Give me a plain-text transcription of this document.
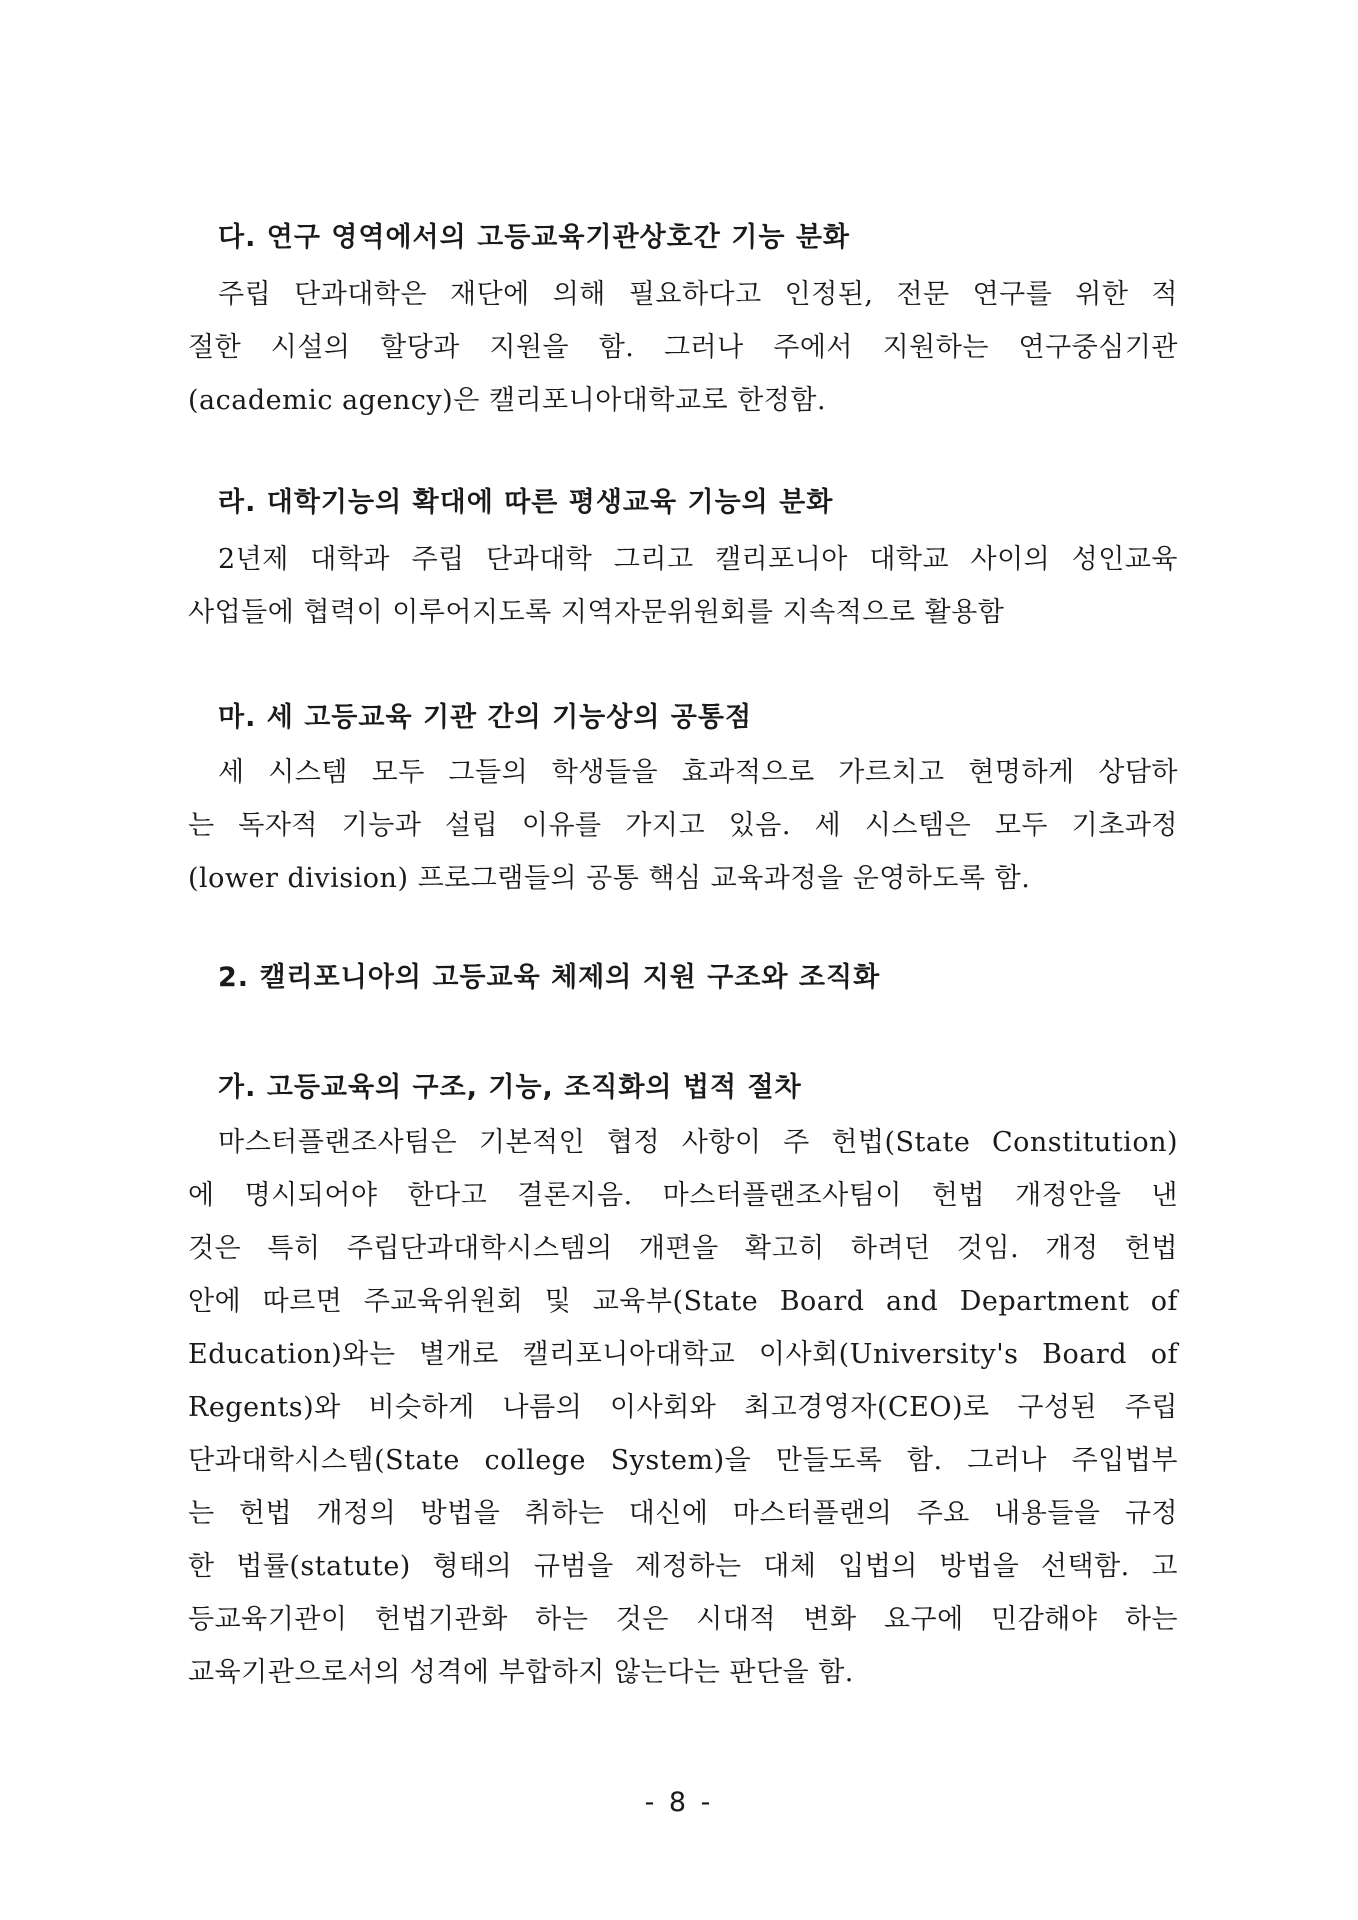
다. 연구 영역에서의 고등교육기관상호간 기능 분화
주립 단과대학은 재단에 의해 필요하다고 인정된, 전문 연구를 위한 적
절한 시설의 할당과 지원을 함. 그러나 주에서 지원하는 연구중심기관
(academic agency)은 캘리포니아대학교로 한정함.
라. 대학기능의 확대에 따른 평생교육 기능의 분화
2년제 대학과 주립 단과대학 그리고 캘리포니아 대학교 사이의 성인교육
사업들에 협력이 이루어지도록 지역자문위원회를 지속적으로 활용함
마. 세 고등교육 기관 간의 기능상의 공통점
세 시스템 모두 그들의 학생들을 효과적으로 가르치고 현명하게 상담하
는 독자적 기능과 설립 이유를 가지고 있음. 세 시스템은 모두 기초과정
(lower division) 프로그램들의 공통 핵심 교육과정을 운영하도록 함.
2. 캘리포니아의 고등교육 체제의 지원 구조와 조직화
가. 고등교육의 구조, 기능, 조직화의 법적 절차
마스터플랜조사팀은 기본적인 협정 사항이 주 헌법(State Constitution)
에 명시되어야 한다고 결론지음. 마스터플랜조사팀이 헌법 개정안을 낸
것은 특히 주립단과대학시스템의 개편을 확고히 하려던 것임. 개정 헌법
안에 따르면 주교육위원회 및 교육부(State Board and Department of
Education)와는 별개로 캘리포니아대학교 이사회(University's Board of
Regents)와 비슷하게 나름의 이사회와 최고경영자(CEO)로 구성된 주립
단과대학시스템(State college System)을 만들도록 함. 그러나 주입법부
는 헌법 개정의 방법을 취하는 대신에 마스터플랜의 주요 내용들을 규정
한 법률(statute) 형태의 규범을 제정하는 대체 입법의 방법을 선택함. 고
등교육기관이 헌법기관화 하는 것은 시대적 변화 요구에 민감해야 하는
교육기관으로서의 성격에 부합하지 않는다는 판단을 함.
- 8 -
